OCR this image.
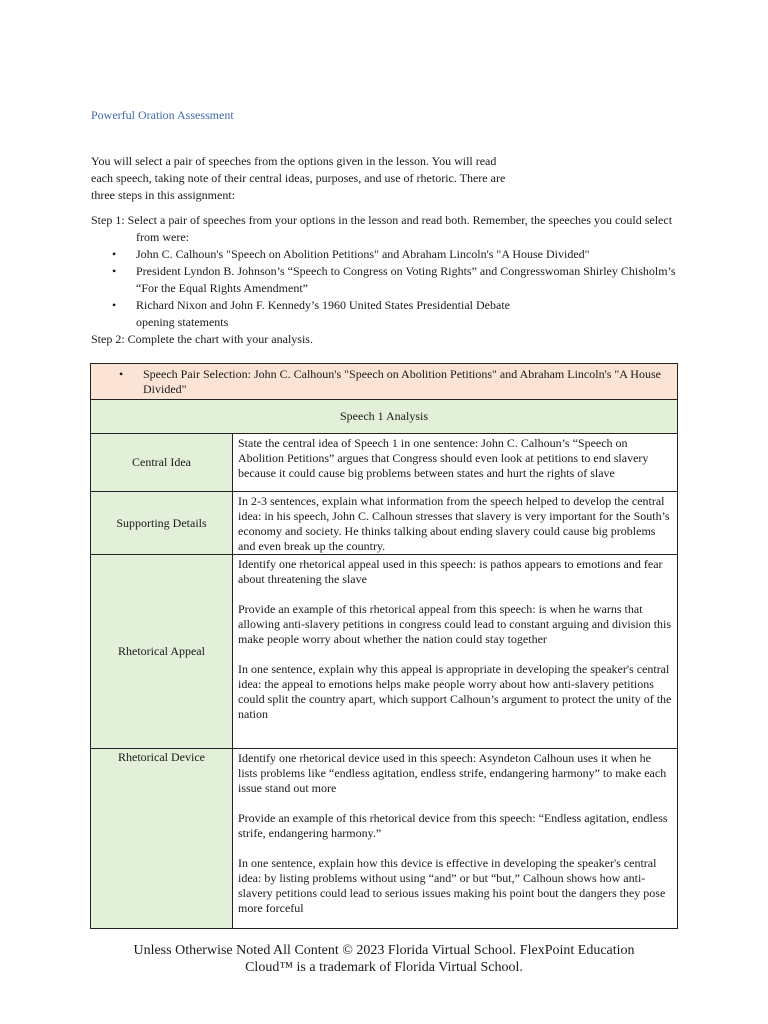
Powerful Oration Assessment
You will select a pair of speeches from the options given in the lesson. You will read
each speech, taking note of their central ideas, purposes, and use of rhetoric. There are
three steps in this assignment:
Step 1: Select a pair of speeches from your options in the lesson and read both. Remember, the speeches you could select from were:
• John C. Calhoun's "Speech on Abolition Petitions" and Abraham Lincoln's "A House Divided"
• President Lyndon B. Johnson’s “Speech to Congress on Voting Rights” and Congresswoman Shirley Chisholm’s “For the Equal Rights Amendment”
• Richard Nixon and John F. Kennedy’s 1960 United States Presidential Debate
opening statements
Step 2: Complete the chart with your analysis.
• Speech Pair Selection: John C. Calhoun's "Speech on Abolition Petitions" and Abraham Lincoln's "A House Divided"

Speech 1 Analysis	
Central Idea	State the central idea of Speech 1 in one sentence: John C. Calhoun’s “Speech on Abolition Petitions” argues that Congress should even look at petitions to end slavery because it could cause big problems between states and hurt the rights of slave

Supporting Details	In 2-3 sentences, explain what information from the speech helped to develop the central idea: in his speech, John C. Calhoun stresses that slavery is very important for the South’s economy and society. He thinks talking about ending slavery could cause big problems and even break up the country.

Rhetorical Appeal	Identify one rhetorical appeal used in this speech: is pathos appears to emotions and fear about threatening the slave

Provide an example of this rhetorical appeal from this speech: is when he warns that allowing anti-slavery petitions in congress could lead to constant arguing and division this make people worry about whether the nation could stay together

In one sentence, explain why this appeal is appropriate in developing the speaker's central idea: the appeal to emotions helps make people worry about how anti-slavery petitions could split the country apart, which support Calhoun’s argument to protect the unity of the nation

Rhetorical Device	Identify one rhetorical device used in this speech: Asyndeton Calhoun uses it when he lists problems like “endless agitation, endless strife, endangering harmony” to make each issue stand out more

Provide an example of this rhetorical device from this speech: “Endless agitation, endless strife, endangering harmony.”

In one sentence, explain how this device is effective in developing the speaker's central idea: by listing problems without using “and” or but “but,” Calhoun shows how anti-slavery petitions could lead to serious issues making his point bout the dangers they pose more forceful

Unless Otherwise Noted All Content © 2023 Florida Virtual School. FlexPoint Education
Cloud™ is a trademark of Florida Virtual School.
